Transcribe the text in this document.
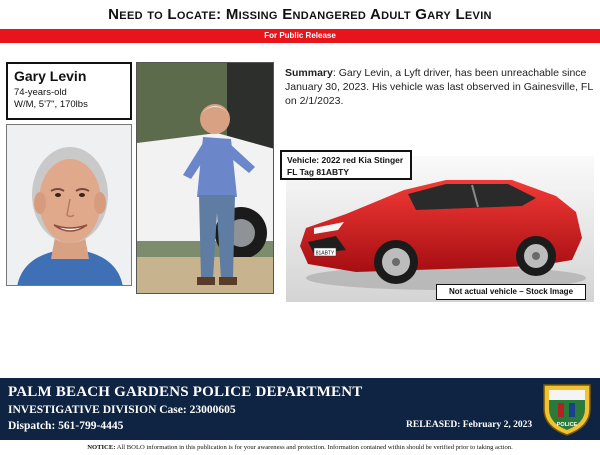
Need to Locate: Missing Endangered Adult Gary Levin
For Public Release
Gary Levin
74-years-old
W/M, 5'7", 170lbs
Summary: Gary Levin, a Lyft driver, has been unreachable since January 30, 2023. His vehicle was last observed in Gainesville, FL on 2/1/2023.
81ABTY
Vehicle: 2022 red Kia Stinger
FL Tag 81ABTY
Not actual vehicle – Stock Image
PALM BEACH GARDENS POLICE DEPARTMENT
INVESTIGATIVE DIVISION Case: 23000605
Dispatch: 561-799-4445	RELEASED: February 2, 2023	POLICE
NOTICE: All BOLO information in this publication is for your awareness and protection. Information contained within should be verified prior to taking action.
